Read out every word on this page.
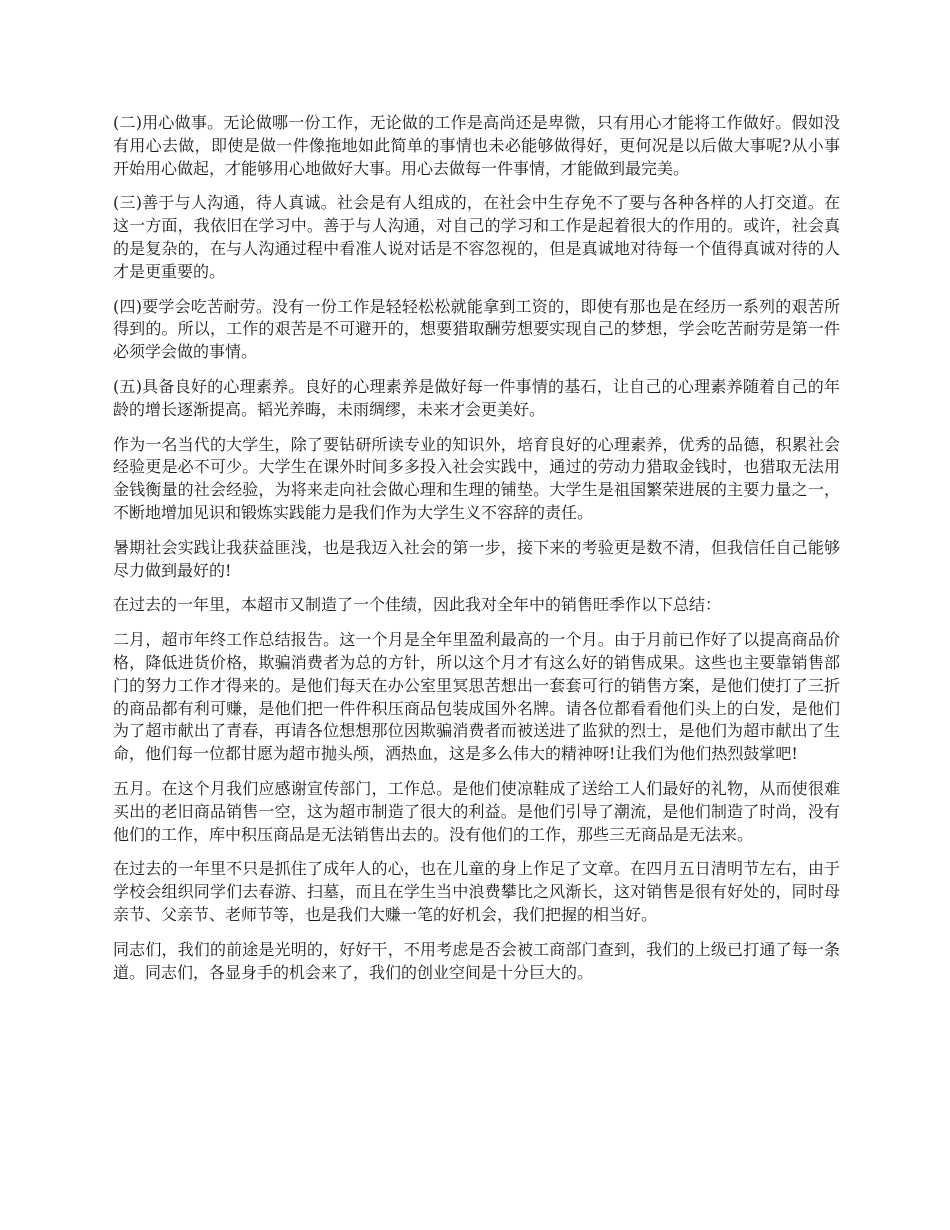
(二)用心做事。无论做哪一份工作，无论做的工作是高尚还是卑微，只有用心才能将工作做好。假如没有用心去做，即使是做一件像拖地如此简单的事情也未必能够做得好，更何况是以后做大事呢?从小事开始用心做起，才能够用心地做好大事。用心去做每一件事情，才能做到最完美。

(三)善于与人沟通，待人真诚。社会是有人组成的，在社会中生存免不了要与各种各样的人打交道。在这一方面，我依旧在学习中。善于与人沟通，对自己的学习和工作是起着很大的作用的。或许，社会真的是复杂的，在与人沟通过程中看准人说对话是不容忽视的，但是真诚地对待每一个值得真诚对待的人才是更重要的。

(四)要学会吃苦耐劳。没有一份工作是轻轻松松就能拿到工资的，即使有那也是在经历一系列的艰苦所得到的。所以，工作的艰苦是不可避开的，想要猎取酬劳想要实现自己的梦想，学会吃苦耐劳是第一件必须学会做的事情。

(五)具备良好的心理素养。良好的心理素养是做好每一件事情的基石，让自己的心理素养随着自己的年龄的增长逐渐提高。韬光养晦，未雨绸缪，未来才会更美好。

作为一名当代的大学生，除了要钻研所读专业的知识外，培育良好的心理素养，优秀的品德，积累社会经验更是必不可少。大学生在课外时间多多投入社会实践中，通过的劳动力猎取金钱时，也猎取无法用金钱衡量的社会经验，为将来走向社会做心理和生理的铺垫。大学生是祖国繁荣进展的主要力量之一，不断地增加见识和锻炼实践能力是我们作为大学生义不容辞的责任。

暑期社会实践让我获益匪浅，也是我迈入社会的第一步，接下来的考验更是数不清，但我信任自己能够尽力做到最好的!

在过去的一年里，本超市又制造了一个佳绩，因此我对全年中的销售旺季作以下总结：

二月，超市年终工作总结报告。这一个月是全年里盈利最高的一个月。由于月前已作好了以提高商品价格，降低进货价格，欺骗消费者为总的方针，所以这个月才有这么好的销售成果。这些也主要靠销售部门的努力工作才得来的。是他们每天在办公室里冥思苦想出一套套可行的销售方案，是他们使打了三折的商品都有利可赚，是他们把一件件积压商品包装成国外名牌。请各位都看看他们头上的白发，是他们为了超市献出了青春，再请各位想想那位因欺骗消费者而被送进了监狱的烈士，是他们为超市献出了生命，他们每一位都甘愿为超市抛头颅，洒热血，这是多么伟大的精神呀!让我们为他们热烈鼓掌吧!

五月。在这个月我们应感谢宣传部门，工作总。是他们使凉鞋成了送给工人们最好的礼物，从而使很难买出的老旧商品销售一空，这为超市制造了很大的利益。是他们引导了潮流，是他们制造了时尚，没有他们的工作，库中积压商品是无法销售出去的。没有他们的工作，那些三无商品是无法来。

在过去的一年里不只是抓住了成年人的心，也在儿童的身上作足了文章。在四月五日清明节左右，由于学校会组织同学们去春游、扫墓，而且在学生当中浪费攀比之风渐长，这对销售是很有好处的，同时母亲节、父亲节、老师节等，也是我们大赚一笔的好机会，我们把握的相当好。

同志们，我们的前途是光明的，好好干，不用考虑是否会被工商部门查到，我们的上级已打通了每一条道。同志们，各显身手的机会来了，我们的创业空间是十分巨大的。
